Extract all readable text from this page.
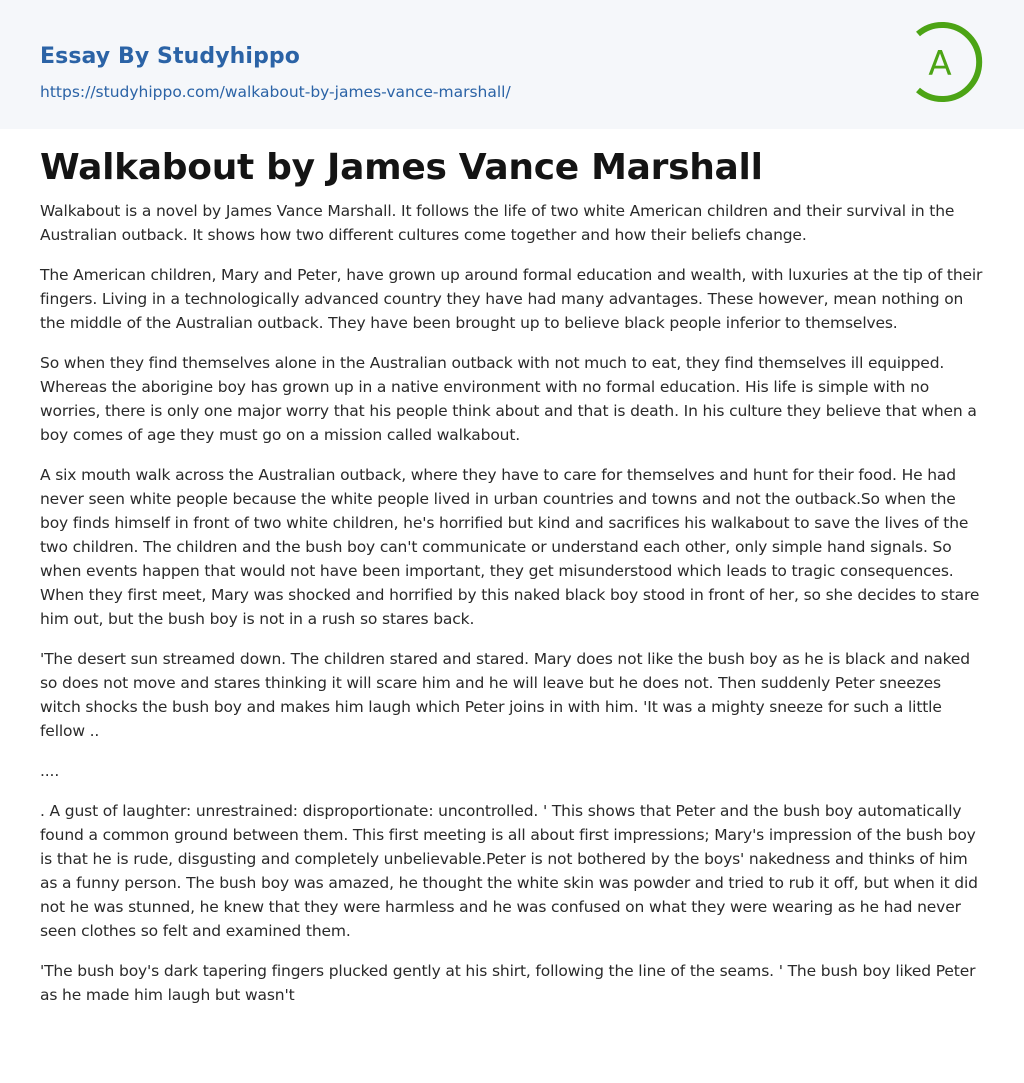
Essay By Studyhippo
https://studyhippo.com/walkabout-by-james-vance-marshall/
A
Walkabout by James Vance Marshall

Walkabout is a novel by James Vance Marshall. It follows the life of two white American children and their survival in the Australian outback. It shows how two different cultures come together and how their beliefs change.

The American children, Mary and Peter, have grown up around formal education and wealth, with luxuries at the tip of their fingers. Living in a technologically advanced country they have had many advantages. These however, mean nothing on the middle of the Australian outback. They have been brought up to believe black people inferior to themselves.

So when they find themselves alone in the Australian outback with not much to eat, they find themselves ill equipped. Whereas the aborigine boy has grown up in a native environment with no formal education. His life is simple with no worries, there is only one major worry that his people think about and that is death. In his culture they believe that when a boy comes of age they must go on a mission called walkabout.

A six mouth walk across the Australian outback, where they have to care for themselves and hunt for their food. He had never seen white people because the white people lived in urban countries and towns and not the outback.So when the boy finds himself in front of two white children, he's horrified but kind and sacrifices his walkabout to save the lives of the two children. The children and the bush boy can't communicate or understand each other, only simple hand signals. So when events happen that would not have been important, they get misunderstood which leads to tragic consequences. When they first meet, Mary was shocked and horrified by this naked black boy stood in front of her, so she decides to stare him out, but the bush boy is not in a rush so stares back.

'The desert sun streamed down. The children stared and stared. Mary does not like the bush boy as he is black and naked so does not move and stares thinking it will scare him and he will leave but he does not. Then suddenly Peter sneezes witch shocks the bush boy and makes him laugh which Peter joins in with him. 'It was a mighty sneeze for such a little fellow ..

....

. A gust of laughter: unrestrained: disproportionate: uncontrolled. ' This shows that Peter and the bush boy automatically found a common ground between them. This first meeting is all about first impressions; Mary's impression of the bush boy is that he is rude, disgusting and completely unbelievable.Peter is not bothered by the boys' nakedness and thinks of him as a funny person. The bush boy was amazed, he thought the white skin was powder and tried to rub it off, but when it did not he was stunned, he knew that they were harmless and he was confused on what they were wearing as he had never seen clothes so felt and examined them.

'The bush boy's dark tapering fingers plucked gently at his shirt, following the line of the seams. ' The bush boy liked Peter as he made him laugh but wasn't
